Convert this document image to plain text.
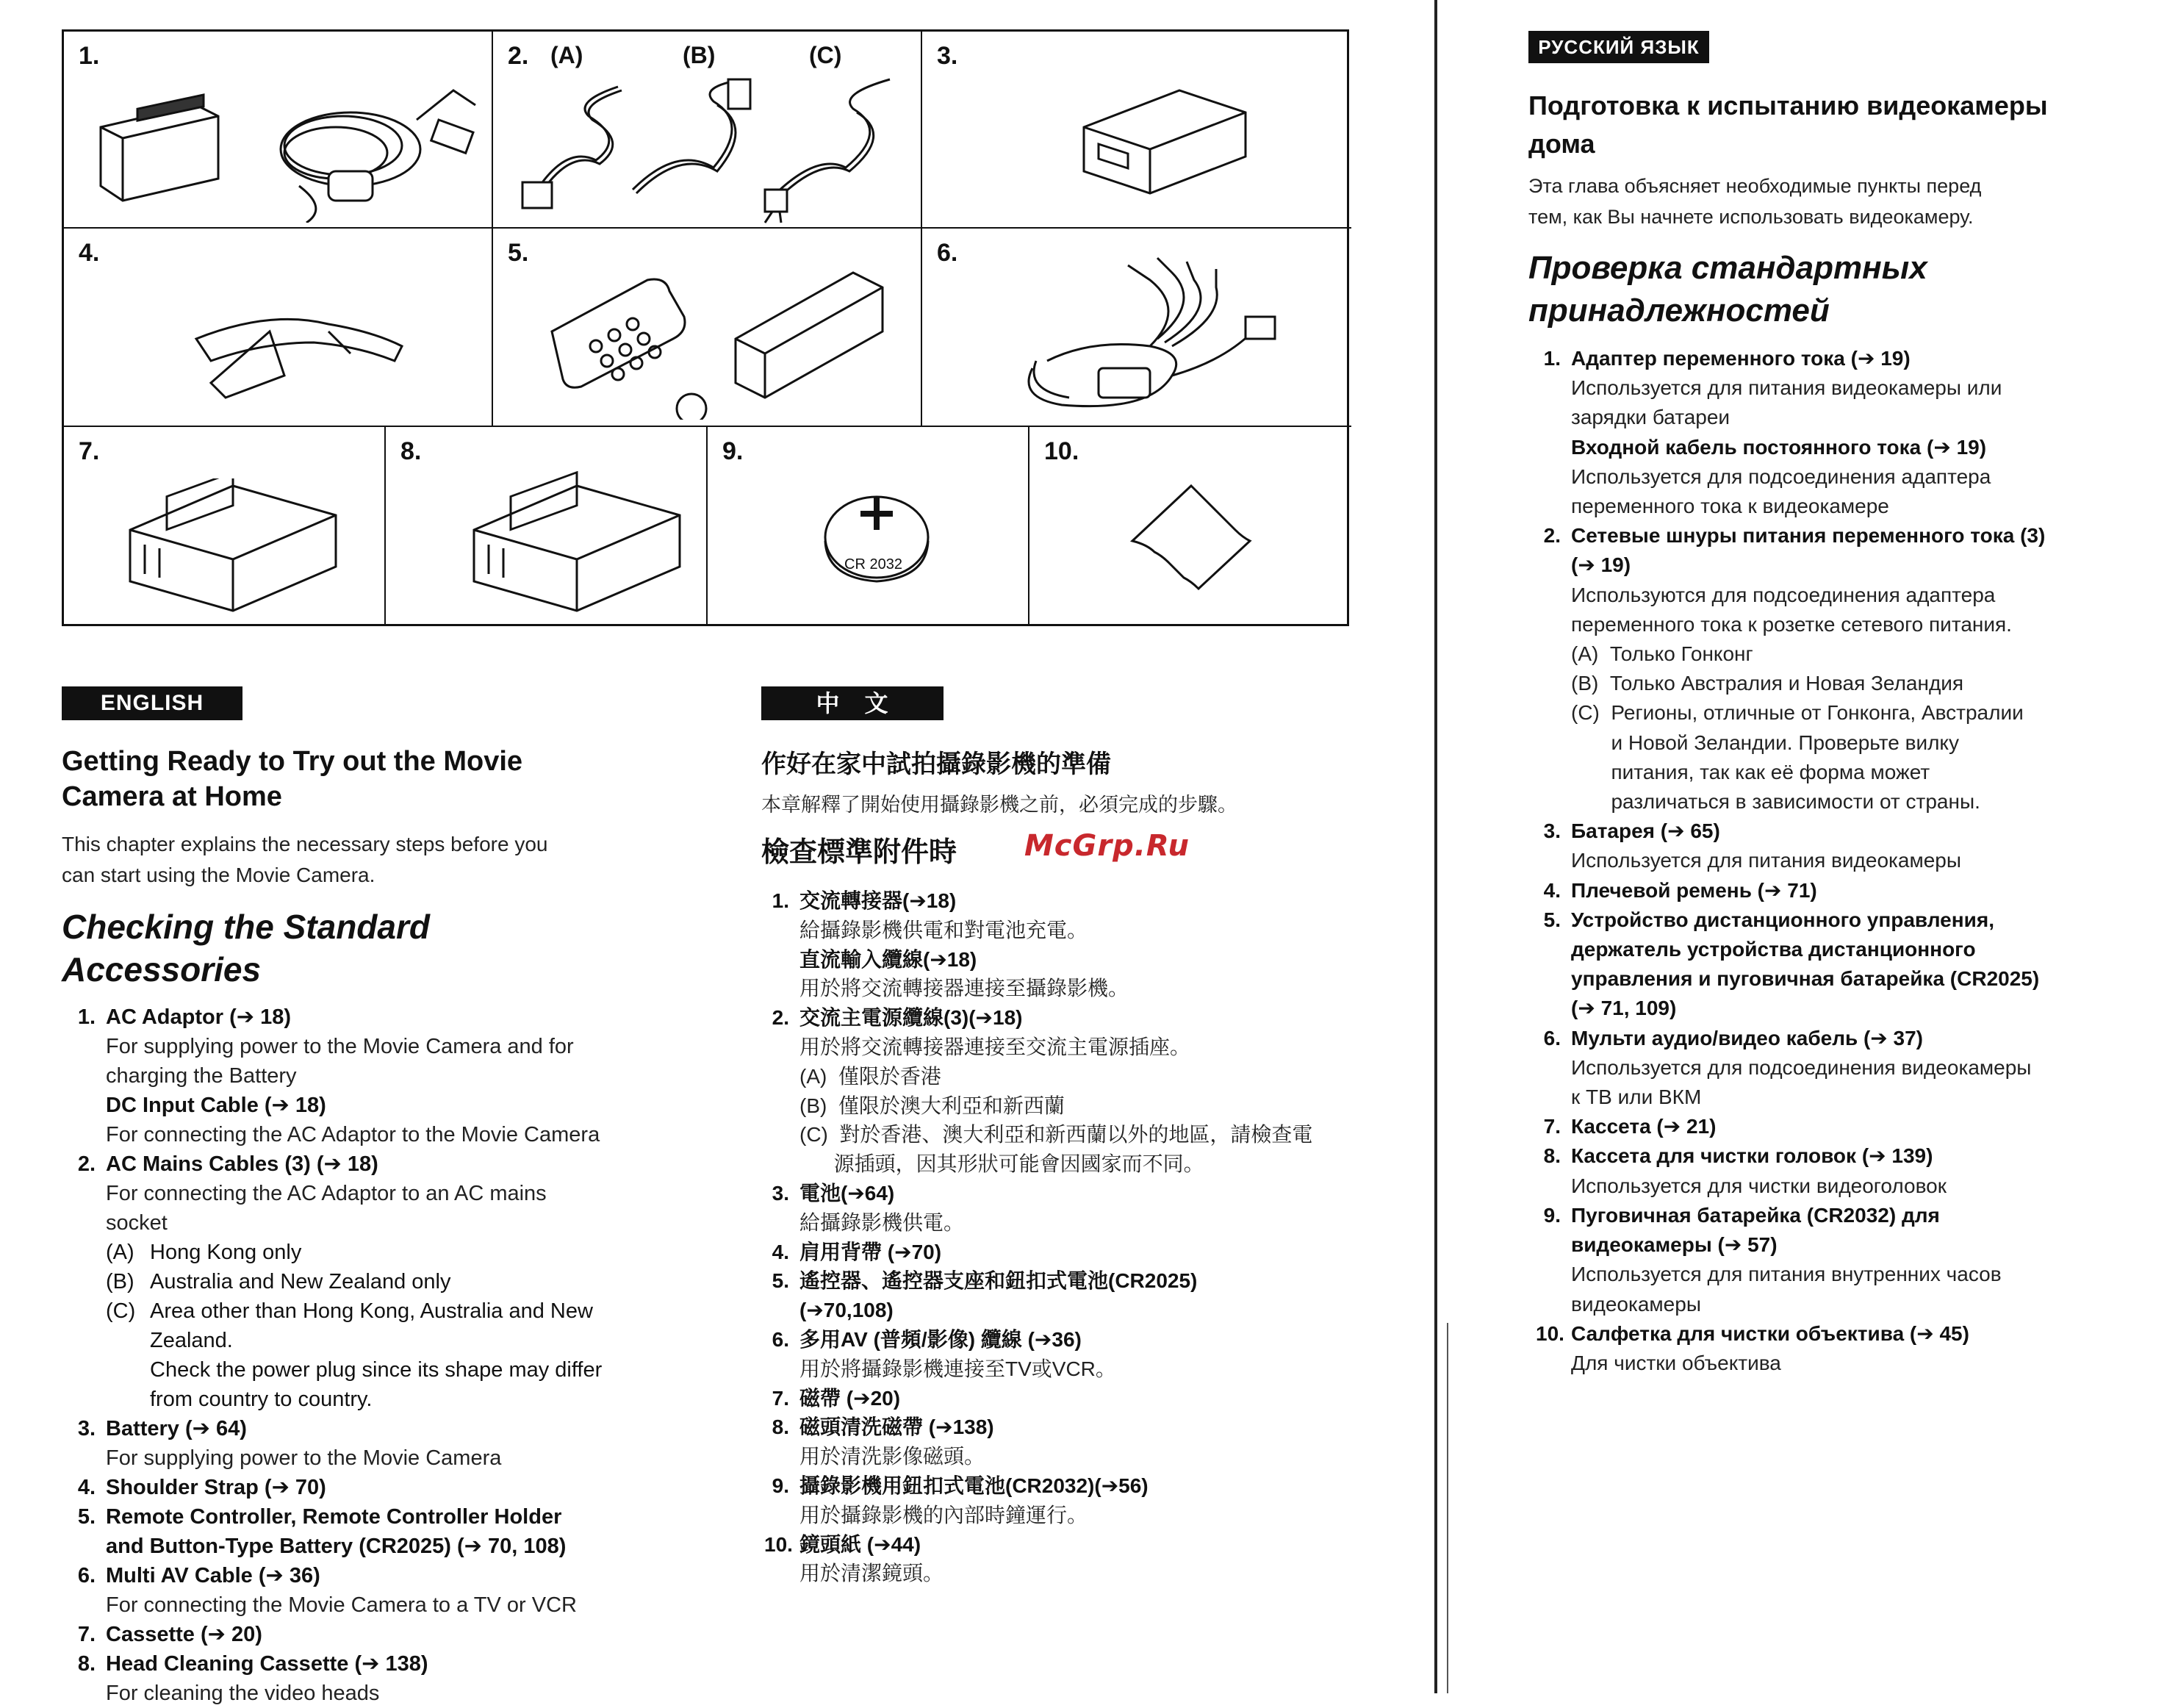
1.	2. (A)	(B)	(C)	3.
4.	5.	6.
7.	8.	9.
CR 2032
10.
ENGLISH
Getting Ready to Try out the Movie
Camera at Home
This chapter explains the necessary steps before you
can start using the Movie Camera.
Checking the Standard
Accessories
1. AC Adaptor (➔ 18)
For supplying power to the Movie Camera and for
charging the Battery
DC Input Cable (➔ 18)
For connecting the AC Adaptor to the Movie Camera
2. AC Mains Cables (3) (➔ 18)
For connecting the AC Adaptor to an AC mains
socket
(A) Hong Kong only
(B) Australia and New Zealand only
(C) Area other than Hong Kong, Australia and New
Zealand.
Check the power plug since its shape may differ
from country to country.
3. Battery (➔ 64)
For supplying power to the Movie Camera
4. Shoulder Strap (➔ 70)
5. Remote Controller, Remote Controller Holder
and Button-Type Battery (CR2025) (➔ 70, 108)
6. Multi AV Cable (➔ 36)
For connecting the Movie Camera to a TV or VCR
7. Cassette (➔ 20)
8. Head Cleaning Cassette (➔ 138)
For cleaning the video heads
中　文
作好在家中試拍攝錄影機的準備
本章解釋了開始使用攝錄影機之前，必須完成的步驟。
檢查標準附件時 McGrp.Ru
1. 交流轉接器(➔18)
給攝錄影機供電和對電池充電。
直流輸入纜線(➔18)
用於將交流轉接器連接至攝錄影機。
2. 交流主電源纜線(3)(➔18)
用於將交流轉接器連接至交流主電源插座。
(A)  僅限於香港
(B)  僅限於澳大利亞和新西蘭
(C)  對於香港、澳大利亞和新西蘭以外的地區，請檢查電
源插頭，因其形狀可能會因國家而不同。
3. 電池(➔64)
給攝錄影機供電。
4. 肩用背帶 (➔70)
5. 遙控器、遙控器支座和鈕扣式電池(CR2025)
(➔70,108)
6. 多用AV (普頻/影像) 纜線 (➔36)
用於將攝錄影機連接至TV或VCR。
7. 磁帶 (➔20)
8. 磁頭清洗磁帶 (➔138)
用於清洗影像磁頭。
9. 攝錄影機用鈕扣式電池(CR2032)(➔56)
用於攝錄影機的內部時鐘運行。
10. 鏡頭紙 (➔44)
用於清潔鏡頭。
РУССКИЙ ЯЗЫК
Подготовка к испытанию видеокамеры
дома
Эта глава объясняет необходимые пункты перед
тем, как Вы начнете использовать видеокамеру.
Проверка стандартных
принадлежностей
1. Адаптер переменного тока (➔ 19)
Используется для питания видеокамеры или
зарядки батареи
Входной кабель постоянного тока (➔ 19)
Используется для подсоединения адаптера
переменного тока к видеокамере
2. Сетевые шнуры питания переменного тока (3)
(➔ 19)
Используются для подсоединения адаптера
переменного тока к розетке сетевого питания.
(A)  Только Гонконг
(B)  Только Австралия и Новая Зеландия
(C)  Регионы, отличные от Гонконга, Австралии
и Новой Зеландии. Проверьте вилку
питания, так как её форма может
различаться в зависимости от страны.
3. Батарея (➔ 65)
Используется для питания видеокамеры
4. Плечевой ремень (➔ 71)
5. Устройство дистанционного управления,
держатель устройства дистанционного
управления и пуговичная батарейка (CR2025)
(➔ 71, 109)
6. Мульти аудио/видео кабель (➔ 37)
Используется для подсоединения видеокамеры
к ТВ или ВКМ
7. Кассета (➔ 21)
8. Кассета для чистки головок (➔ 139)
Используется для чистки видеоголовок
9. Пуговичная батарейка (CR2032) для
видеокамеры (➔ 57)
Используется для питания внутренних часов
видеокамеры
10. Салфетка для чистки объектива (➔ 45)
Для чистки объектива
